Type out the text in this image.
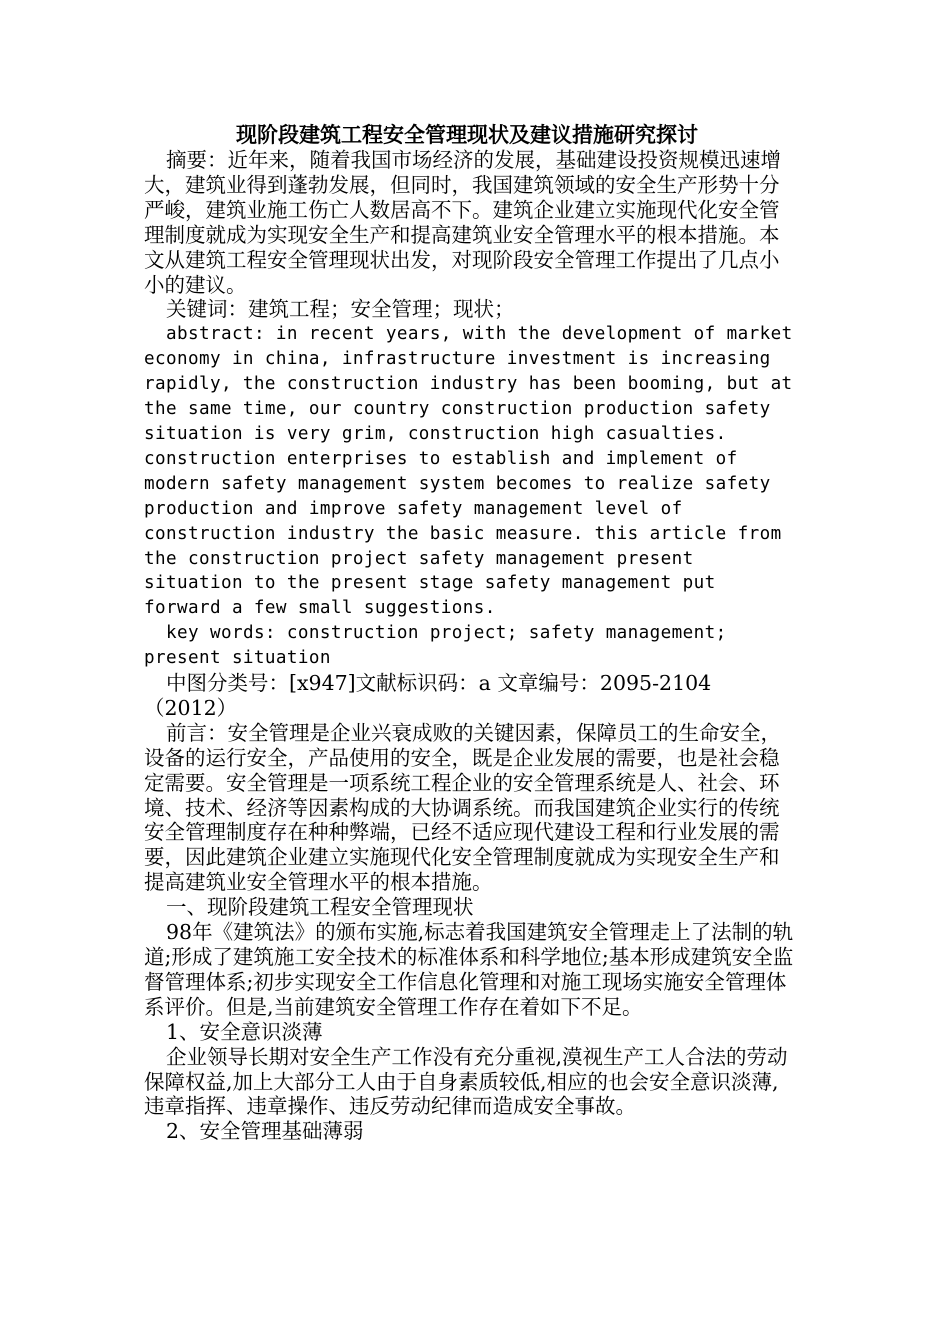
现阶段建筑工程安全管理现状及建议措施研究探讨

摘要：近年来，随着我国市场经济的发展，基础建设投资规模迅速增大，建筑业得到蓬勃发展，但同时，我国建筑领域的安全生产形势十分严峻，建筑业施工伤亡人数居高不下。建筑企业建立实施现代化安全管理制度就成为实现安全生产和提高建筑业安全管理水平的根本措施。本文从建筑工程安全管理现状出发，对现阶段安全管理工作提出了几点小小的建议。

关键词：建筑工程；安全管理；现状；

abstract: in recent years, with the development of market economy in china, infrastructure investment is increasing rapidly, the construction industry has been booming, but at the same time, our country construction production safety situation is very grim, construction high casualties. construction enterprises to establish and implement of modern safety management system becomes to realize safety production and improve safety management level of construction industry the basic measure. this article from the construction project safety management present situation to the present stage safety management put forward a few small suggestions.

key words: construction project; safety management; present situation

中图分类号：[x947]文献标识码：a 文章编号：2095-2104（2012）

前言：安全管理是企业兴衰成败的关键因素，保障员工的生命安全，设备的运行安全，产品使用的安全，既是企业发展的需要，也是社会稳定需要。安全管理是一项系统工程企业的安全管理系统是人、社会、环境、技术、经济等因素构成的大协调系统。而我国建筑企业实行的传统安全管理制度存在种种弊端，已经不适应现代建设工程和行业发展的需要，因此建筑企业建立实施现代化安全管理制度就成为实现安全生产和提高建筑业安全管理水平的根本措施。

一、现阶段建筑工程安全管理现状

98年《建筑法》的颁布实施,标志着我国建筑安全管理走上了法制的轨道;形成了建筑施工安全技术的标准体系和科学地位;基本形成建筑安全监督管理体系;初步实现安全工作信息化管理和对施工现场实施安全管理体系评价。但是,当前建筑安全管理工作存在着如下不足。

1、安全意识淡薄

企业领导长期对安全生产工作没有充分重视,漠视生产工人合法的劳动保障权益,加上大部分工人由于自身素质较低,相应的也会安全意识淡薄,违章指挥、违章操作、违反劳动纪律而造成安全事故。

2、安全管理基础薄弱
